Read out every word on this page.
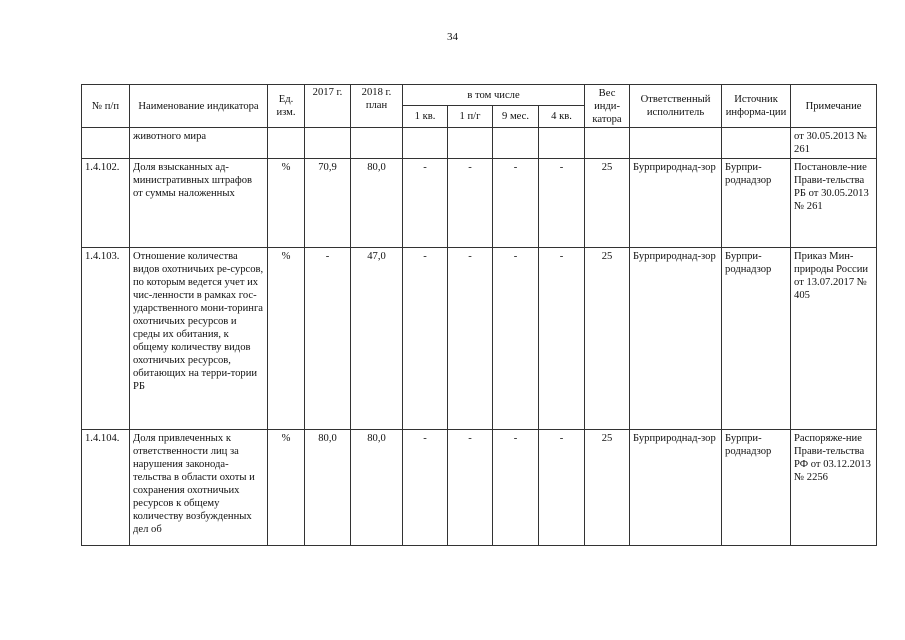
34
№ п/п	Наименование индикатора	Ед. изм.	2017 г.	2018 г. план	в том числе				Вес инди-катора	Ответственный исполнитель	Источник информа-ции	Примечание
					1 кв.	1 п/г	9 мес.	4 кв.				
	животного мира											от 30.05.2013 № 261
1.4.102.	Доля взысканных ад-министративных штрафов от суммы наложенных	%	70,9	80,0	-	-	-	-	25	Бурприроднад-зор	Бурпри-роднадзор	Постановле-ние Прави-тельства РБ от 30.05.2013 № 261
1.4.103.	Отношение количества видов охотничьих ре-сурсов, по которым ведется учет их чис-ленности в рамках гос-ударственного мони-торинга охотничьих ресурсов и среды их обитания, к общему количеству видов охотничьих ресурсов, обитающих на терри-тории РБ	%	-	47,0	-	-	-	-	25	Бурприроднад-зор	Бурпри-роднадзор	Приказ Мин-природы России от 13.07.2017 № 405
1.4.104.	Доля привлеченных к ответственности лиц за нарушения законода-тельства в области охоты и сохранения охотничьих ресурсов к общему количеству возбужденных дел об	%	80,0	80,0	-	-	-	-	25	Бурприроднад-зор	Бурпри-роднадзор	Распоряже-ние Прави-тельства РФ от 03.12.2013 № 2256
